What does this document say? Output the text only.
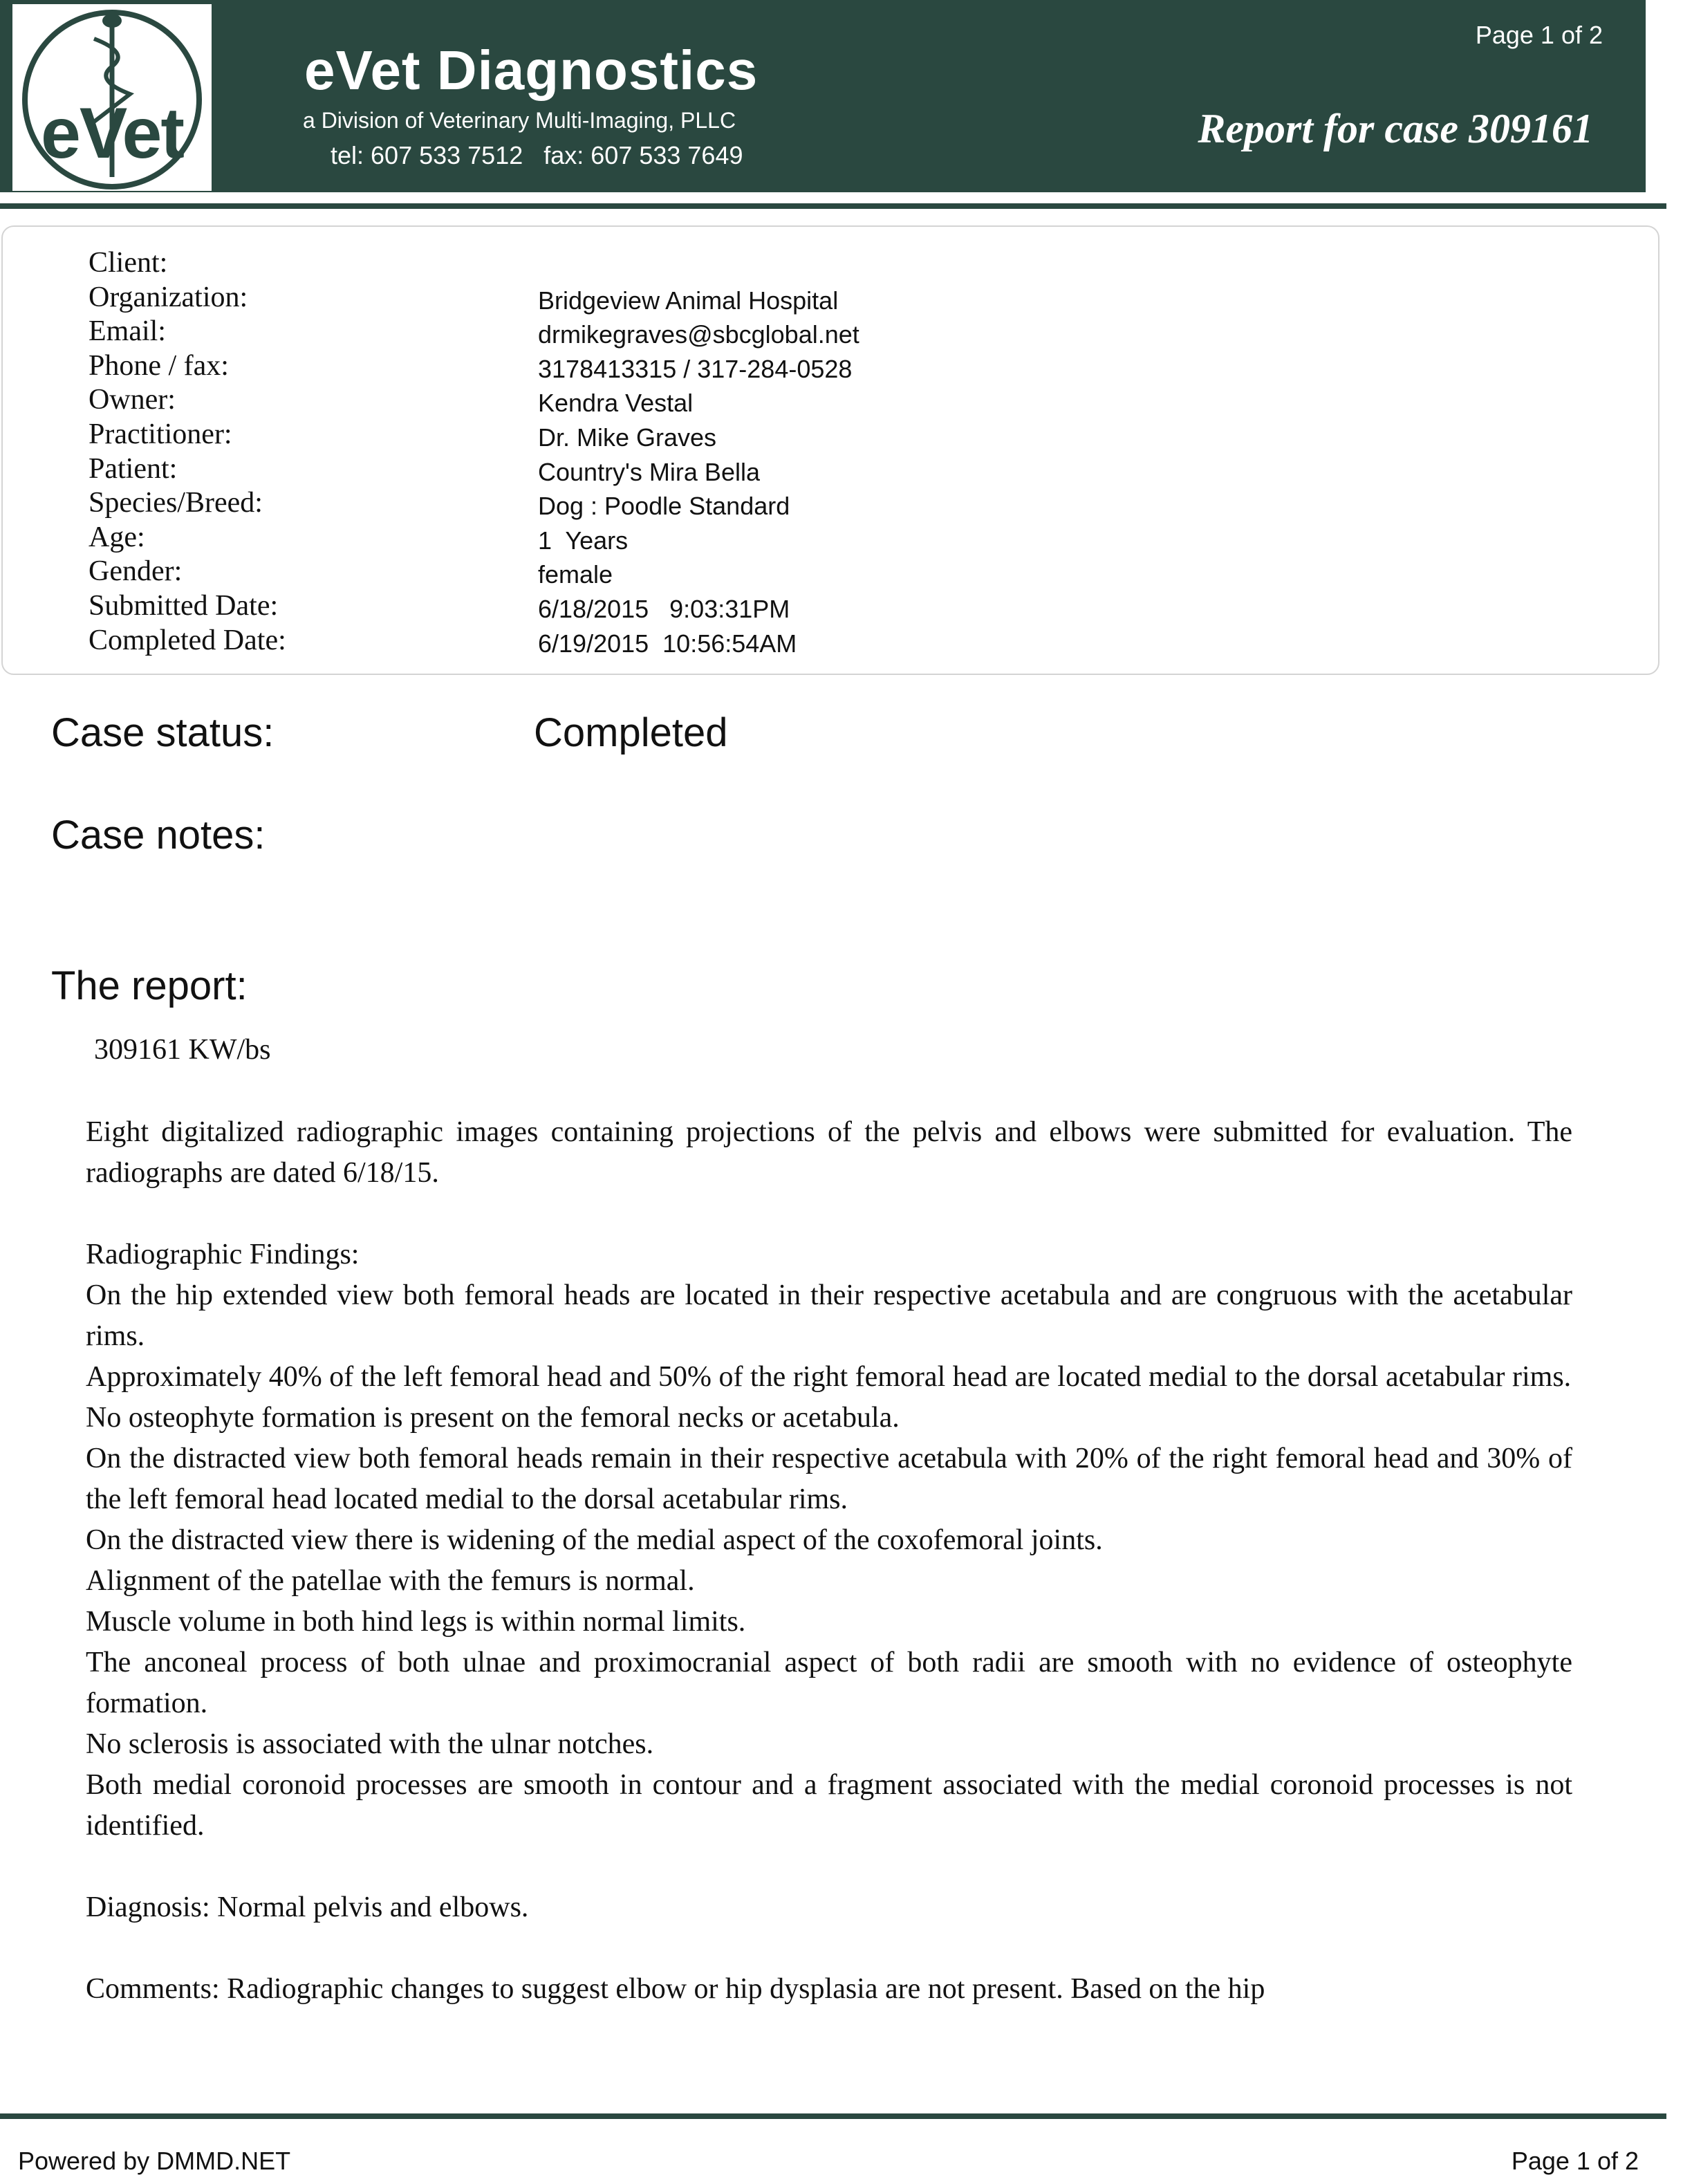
eVet
eVet Diagnostics
a Division of Veterinary Multi-Imaging, PLLC
tel: 607 533 7512   fax: 607 533 7649
Page 1 of 2
Report for case 309161
Client:
Organization:	Bridgeview Animal Hospital
Email:	drmikegraves@sbcglobal.net
Phone / fax:	3178413315 / 317-284-0528
Owner:	Kendra Vestal
Practitioner:	Dr. Mike Graves
Patient:	Country's Mira Bella
Species/Breed:	Dog : Poodle Standard
Age:	1  Years
Gender:	female
Submitted Date:	6/18/2015   9:03:31PM
Completed Date:	6/19/2015  10:56:54AM
Case status:	Completed
Case notes:
The report:
309161 KW/bs

Eight digitalized radiographic images containing projections of the pelvis and elbows were submitted for evaluation. The radiographs are dated 6/18/15.

Radiographic Findings:

On the hip extended view both femoral heads are located in their respective acetabula and are congruous with the acetabular rims.

Approximately 40% of the left femoral head and 50% of the right femoral head are located medial to the dorsal acetabular rims.

No osteophyte formation is present on the femoral necks or acetabula.

On the distracted view both femoral heads remain in their respective acetabula with 20% of the right femoral head and 30% of the left femoral head located medial to the dorsal acetabular rims.

On the distracted view there is widening of the medial aspect of the coxofemoral joints.

Alignment of the patellae with the femurs is normal.

Muscle volume in both hind legs is within normal limits.

The anconeal process of both ulnae and proximocranial aspect of both radii are smooth with no evidence of osteophyte formation.

No sclerosis is associated with the ulnar notches.

Both medial coronoid processes are smooth in contour and a fragment associated with the medial coronoid processes is not identified.

Diagnosis: Normal pelvis and elbows.

Comments: Radiographic changes to suggest elbow or hip dysplasia are not present. Based on the hip

Powered by DMMD.NET	Page 1 of 2
